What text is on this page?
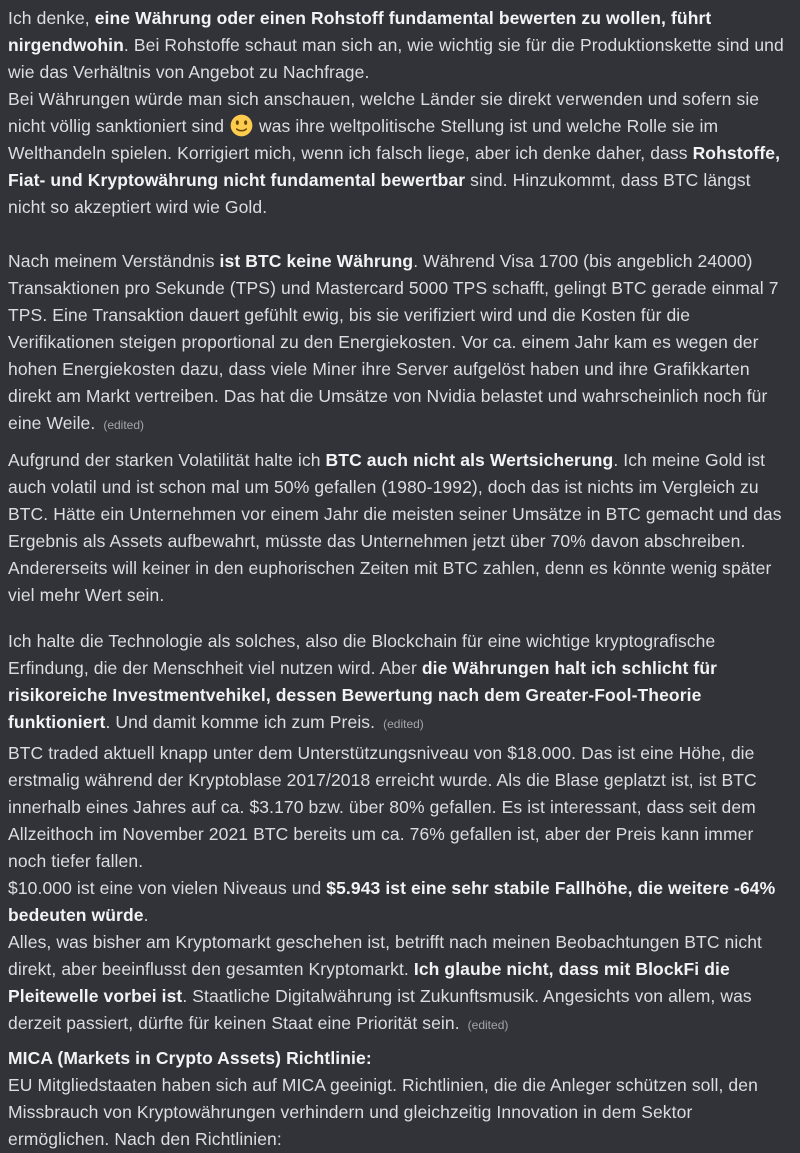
Ich denke, eine Währung oder einen Rohstoff fundamental bewerten zu wollen, führt nirgendwohin. Bei Rohstoffe schaut man sich an, wie wichtig sie für die Produktionskette sind und wie das Verhältnis von Angebot zu Nachfrage.
Bei Währungen würde man sich anschauen, welche Länder sie direkt verwenden und sofern sie nicht völlig sanktioniert sind  was ihre weltpolitische Stellung ist und welche Rolle sie im Welthandeln spielen. Korrigiert mich, wenn ich falsch liege, aber ich denke daher, dass Rohstoffe, Fiat- und Kryptowährung nicht fundamental bewertbar sind. Hinzukommt, dass BTC längst nicht so akzeptiert wird wie Gold.

Nach meinem Verständnis ist BTC keine Währung. Während Visa 1700 (bis angeblich 24000) Transaktionen pro Sekunde (TPS) und Mastercard 5000 TPS schafft, gelingt BTC gerade einmal 7 TPS. Eine Transaktion dauert gefühlt ewig, bis sie verifiziert wird und die Kosten für die Verifikationen steigen proportional zu den Energiekosten. Vor ca. einem Jahr kam es wegen der hohen Energiekosten dazu, dass viele Miner ihre Server aufgelöst haben und ihre Grafikkarten direkt am Markt vertreiben. Das hat die Umsätze von Nvidia belastet und wahrscheinlich noch für eine Weile. (edited)

Aufgrund der starken Volatilität halte ich BTC auch nicht als Wertsicherung. Ich meine Gold ist auch volatil und ist schon mal um 50% gefallen (1980-1992), doch das ist nichts im Vergleich zu BTC. Hätte ein Unternehmen vor einem Jahr die meisten seiner Umsätze in BTC gemacht und das Ergebnis als Assets aufbewahrt, müsste das Unternehmen jetzt über 70% davon abschreiben. Andererseits will keiner in den euphorischen Zeiten mit BTC zahlen, denn es könnte wenig später viel mehr Wert sein.

Ich halte die Technologie als solches, also die Blockchain für eine wichtige kryptografische Erfindung, die der Menschheit viel nutzen wird. Aber die Währungen halt ich schlicht für risikoreiche Investmentvehikel, dessen Bewertung nach dem Greater-Fool-Theorie funktioniert. Und damit komme ich zum Preis. (edited)

BTC traded aktuell knapp unter dem Unterstützungsniveau von $18.000. Das ist eine Höhe, die erstmalig während der Kryptoblase 2017/2018 erreicht wurde. Als die Blase geplatzt ist, ist BTC innerhalb eines Jahres auf ca. $3.170 bzw. über 80% gefallen. Es ist interessant, dass seit dem Allzeithoch im November 2021 BTC bereits um ca. 76% gefallen ist, aber der Preis kann immer noch tiefer fallen.
$10.000 ist eine von vielen Niveaus und $5.943 ist eine sehr stabile Fallhöhe, die weitere -64% bedeuten würde.
Alles, was bisher am Kryptomarkt geschehen ist, betrifft nach meinen Beobachtungen BTC nicht direkt, aber beeinflusst den gesamten Kryptomarkt. Ich glaube nicht, dass mit BlockFi die Pleitewelle vorbei ist. Staatliche Digitalwährung ist Zukunftsmusik. Angesichts von allem, was derzeit passiert, dürfte für keinen Staat eine Priorität sein. (edited)

MICA (Markets in Crypto Assets) Richtlinie:
EU Mitgliedstaaten haben sich auf MICA geeinigt. Richtlinien, die die Anleger schützen soll, den Missbrauch von Kryptowährungen verhindern und gleichzeitig Innovation in dem Sektor ermöglichen. Nach den Richtlinien:
